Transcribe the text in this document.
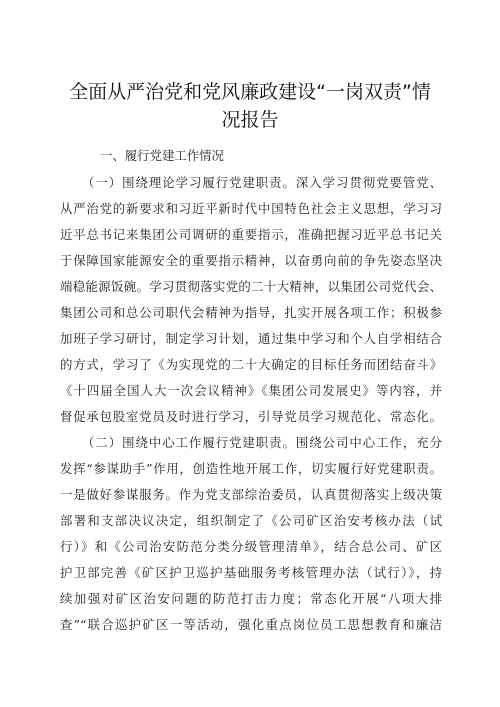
全面从严治党和党风廉政建设“一岗双责”情
况报告
一、履行党建工作情况
（一）围绕理论学习履行党建职责。深入学习贯彻党要管党、
从严治党的新要求和习近平新时代中国特色社会主义思想，学习习
近平总书记来集团公司调研的重要指示，准确把握习近平总书记关
于保障国家能源安全的重要指示精神，以奋勇向前的争先姿态坚决
端稳能源饭碗。学习贯彻落实党的二十大精神，以集团公司党代会、
集团公司和总公司职代会精神为指导，扎实开展各项工作；积极参
加班子学习研讨，制定学习计划，通过集中学习和个人自学相结合
的方式，学习了《为实现党的二十大确定的目标任务而团结奋斗》
《十四届全国人大一次会议精神》《集团公司发展史》等内容，并
督促承包股室党员及时进行学习，引导党员学习规范化、常态化。
（二）围绕中心工作履行党建职责。围绕公司中心工作，充分
发挥“参谋助手”作用，创造性地开展工作，切实履行好党建职责。
一是做好参谋服务。作为党支部综治委员，认真贯彻落实上级决策
部署和支部决议决定，组织制定了《公司矿区治安考核办法（试
行）》和《公司治安防范分类分级管理清单》，结合总公司、矿区
护卫部完善《矿区护卫巡护基础服务考核管理办法（试行）》，持
续加强对矿区治安问题的防范打击力度；常态化开展“八项大排
查”“联合巡护矿区一等活动，强化重点岗位员工思想教育和廉洁
